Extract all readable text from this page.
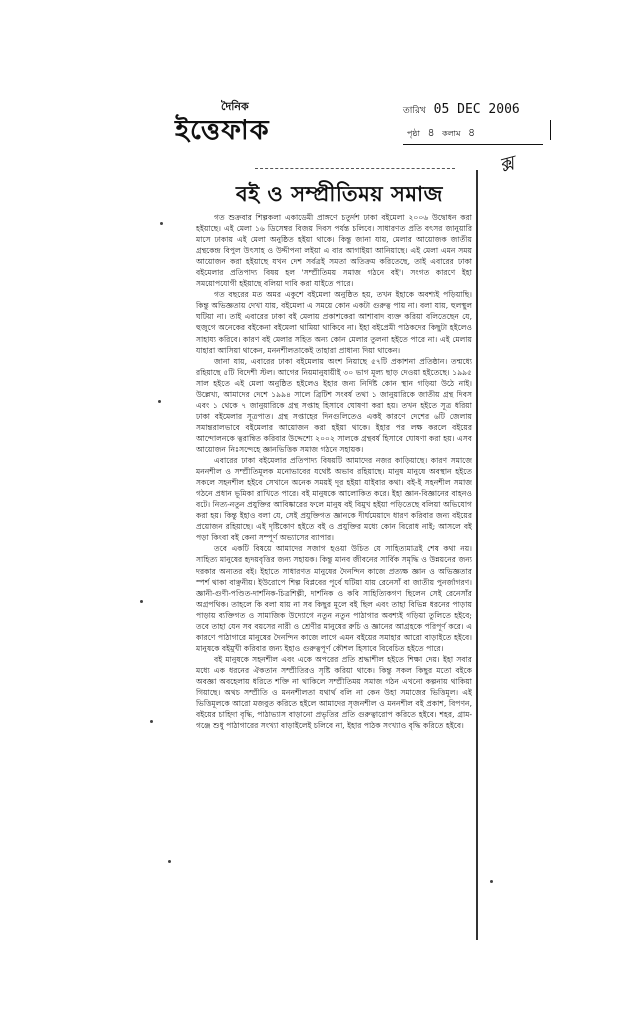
দৈনিক
ইত্তেফাক
তারিখ 05 DEC 2006
পৃষ্ঠা ৪ কলাম ৪
ক্স
বই ও সম্প্রীতিময় সমাজ

গত শুক্রবার শিল্পকলা একাডেমী প্রাঙ্গণে চতুর্দশ ঢাকা বইমেলা ২০০৬ উদ্বোধন করা হইয়াছে। এই মেলা ১৬ ডিসেম্বর বিজয় দিবস পর্যন্ত চলিবে। সাধারণত প্রতি বৎসর জানুয়ারি মাসে ঢাকায় এই মেলা অনুষ্ঠিত হইয়া থাকে। কিন্তু জানা যায়, মেলার আয়োজক জাতীয় গ্রন্থকেন্দ্র বিপুল উৎসাহ ও উদ্দীপনা লইয়া এ বার আগাইয়া আনিয়াছে। এই মেলা এমন সময় আয়োজন করা হইয়াছে যখন দেশ সর্বত্রই সমতা অতিক্রম করিতেছে, তাই এবারের ঢাকা বইমেলার প্রতিপাদ্য বিষয় হল 'সম্প্রীতিময় সমাজ গঠনে বই'। সংগত কারণে ইহা সময়োপযোগী হইয়াছে বলিয়া দাবি করা যাইতে পারে।

গত বছরের মত অমর একুশে বইমেলা অনুষ্ঠিত হয়, তখন ইহাকে অবশ্যই পড়িয়াছি। কিন্তু অভিজ্ঞতায় দেখা যায়, বইমেলা এ সময়ে কোন একটা গুরুত্ব পায় না। বলা যায়, হুলস্থুল ঘটিয়া না। তাই এবারের ঢাকা বই মেলায় প্রকাশকেরা আশাবাদ ব্যক্ত করিয়া বলিতেছেন যে, হুজুগে অনেকের বইকেনা বইমেলা থামিয়া থাকিবে না। ইহা বইপ্রেমী পাঠকদের কিছুটা হইলেও সাহায্য করিবে। কারণ বই মেলার সহিত অন্য কোন মেলার তুলনা হইতে পারে না। এই মেলায় যাহারা আসিয়া থাকেন, মননশীলতাকেই তাহারা প্রাধান্য দিয়া থাকেন।

জানা যায়, এবারের ঢাকা বইমেলায় অংশ নিয়াছে ৫৭টি প্রকাশনা প্রতিষ্ঠান। তন্মধ্যে রহিয়াছে ৫টি বিদেশী স্টল। আগের নিয়মানুযায়ীই ৩০ ভাগ মূল্য ছাড় দেওয়া হইতেছে। ১৯৯৫ সাল হইতে এই মেলা অনুষ্ঠিত হইলেও ইহার জন্য নির্দিষ্ট কোন স্থান গড়িয়া উঠে নাই। উল্লেখ্য, আমাদের দেশে ১৯৯৪ সালে ব্রিটিশ সংবর্ষ তথা ১ জানুয়ারিকে জাতীয় গ্রন্থ দিবস এবং ১ থেকে ৭ জানুয়ারিকে গ্রন্থ সপ্তাহ হিসাবে ঘোষণা করা হয়। তখন হইতে সূত্র ধরিয়া ঢাকা বইমেলার সূত্রপাত। গ্রন্থ সপ্তাহের দিনগুলিতেও একই কারণে দেশের ৬টি জেলায় সমান্তরালভাবে বইমেলার আয়োজন করা হইয়া থাকে। ইহার পর লক্ষ করলে বইয়ের আন্দোলনকে ত্বরান্বিত করিবার উদ্দেশ্যে ২০০২ সালকে গ্রন্থবর্ষ হিসাবে ঘোষণা করা হয়। এসব আয়োজন নিঃসন্দেহে জ্ঞানভিত্তিক সমাজ গঠনে সহায়ক।

এবারের ঢাকা বইমেলার প্রতিপাদ্য বিষয়টি আমাদের নজর কাড়িয়াছে। কারণ সমাজে মননশীল ও সম্প্রীতিমূলক মনোভাবের যথেষ্ট অভাব রহিয়াছে। মানুষ মানুষে অবস্থান হইতে সকলে সহনশীল হইবে সেখানে অনেক সময়ই দূর হইয়া যাইবার কথা। বই-ই সহনশীল সমাজ গঠনে প্রধান ভূমিকা রাখিতে পারে। বই মানুষকে আলোকিত করে। ইহা জ্ঞান-বিজ্ঞানের বাহনও বটে। নিত্য-নতুন প্রযুক্তির আবিষ্কারের ফলে মানুষ বই বিমুখ হইয়া পড়িতেছে বলিয়া অভিযোগ করা হয়। কিন্তু ইহাও বলা যে, সেই প্রযুক্তিগত জ্ঞানকে দীর্ঘমেয়াদে ধারণ করিবার জন্য বইয়ের প্রয়োজন রহিয়াছে। এই দৃষ্টিকোণ হইতে বই ও প্রযুক্তির মধ্যে কোন বিরোধ নাই; আসলে বই পড়া কিংবা বই কেনা সম্পূর্ণ অভ্যাসের ব্যাপার।

তবে একটি বিষয়ে আমাদের সজাগ হওয়া উচিত যে সাহিত্যমাত্রই শেষ কথা নয়। সাহিত্য মানুষের হৃদয়বৃত্তির জন্য সহায়ক। কিন্তু মানব জীবনের সার্বিক সমৃদ্ধি ও উন্নয়নের জন্য দরকার অন্যতর বই। ইহাতে সাধারণত মানুষের দৈনন্দিন কাজে প্রত্যক্ষ জ্ঞান ও অভিজ্ঞতার স্পর্শ থাকা বাঞ্ছনীয়। ইউরোপে শিল্প বিপ্লবের পূর্বে ঘটিয়া যায় রেনেসাঁ বা জাতীয় পুনর্জাগরণ। জ্ঞানী-গুণী-পণ্ডিত-দার্শনিক-চিত্রশিল্পী, দার্শনিক ও কবি সাহিত্যিকগণ ছিলেন সেই রেনেসাঁর অগ্রপথিক। তাহলে কি বলা যায় না সব কিছুর মূলে বই ছিল এবং তাহা বিভিন্ন ধরনের পাড়ায় পাড়ায় ব্যক্তিগত ও সামাজিক উদ্যোগে নতুন নতুন পাঠাগার অবশ্যই গড়িয়া তুলিতে হইবে; তবে তাহা যেন সব বয়সের নারী ও শ্রেণীর মানুষের রুচি ও জ্ঞানের আগ্রহকে পরিপূর্ণ করে। এ কারণে পাঠাগারে মানুষের দৈনন্দিন কাজে লাগে এমন বইয়ের সমাহার আরো বাড়াইতে হইবে। মানুষকে বইমুখী করিবার জন্য ইহাও গুরুত্বপূর্ণ কৌশল হিসাবে বিবেচিত হইতে পারে।

বই মানুষকে সহনশীল এবং একে অপরের প্রতি শ্রদ্ধাশীল হইতে শিক্ষা দেয়। ইহা সবার মধ্যে এক ধরনের ঐকতান সম্প্রীতিরও সৃষ্টি করিয়া থাকে। কিন্তু সকল কিছুর মতো বইকে অবজ্ঞা অবহেলায় ধরিতে শক্তি না থাকিলে সম্প্রীতিময় সমাজ গঠন এখনো কল্পনায় থাকিয়া গিয়াছে। অথচ সম্প্রীতি ও মননশীলতা যথার্থ বলি না কেন উহা সমাজের ভিত্তিমূল। এই ভিত্তিমূলকে আরো মজবুত করিতে হইলে আমাদের সৃজনশীল ও মননশীল বই প্রকাশ, বিপণন, বইয়ের চাহিদা বৃদ্ধি, পাঠাভ্যাস বাড়ানো প্রভৃতির প্রতি গুরুত্বারোপ করিতে হইবে। শহর, গ্রাম-গঞ্জে শুধু পাঠাগারের সংখ্যা বাড়াইলেই চলিবে না, ইহার পাঠক সংখ্যাও বৃদ্ধি করিতে হইবে।
